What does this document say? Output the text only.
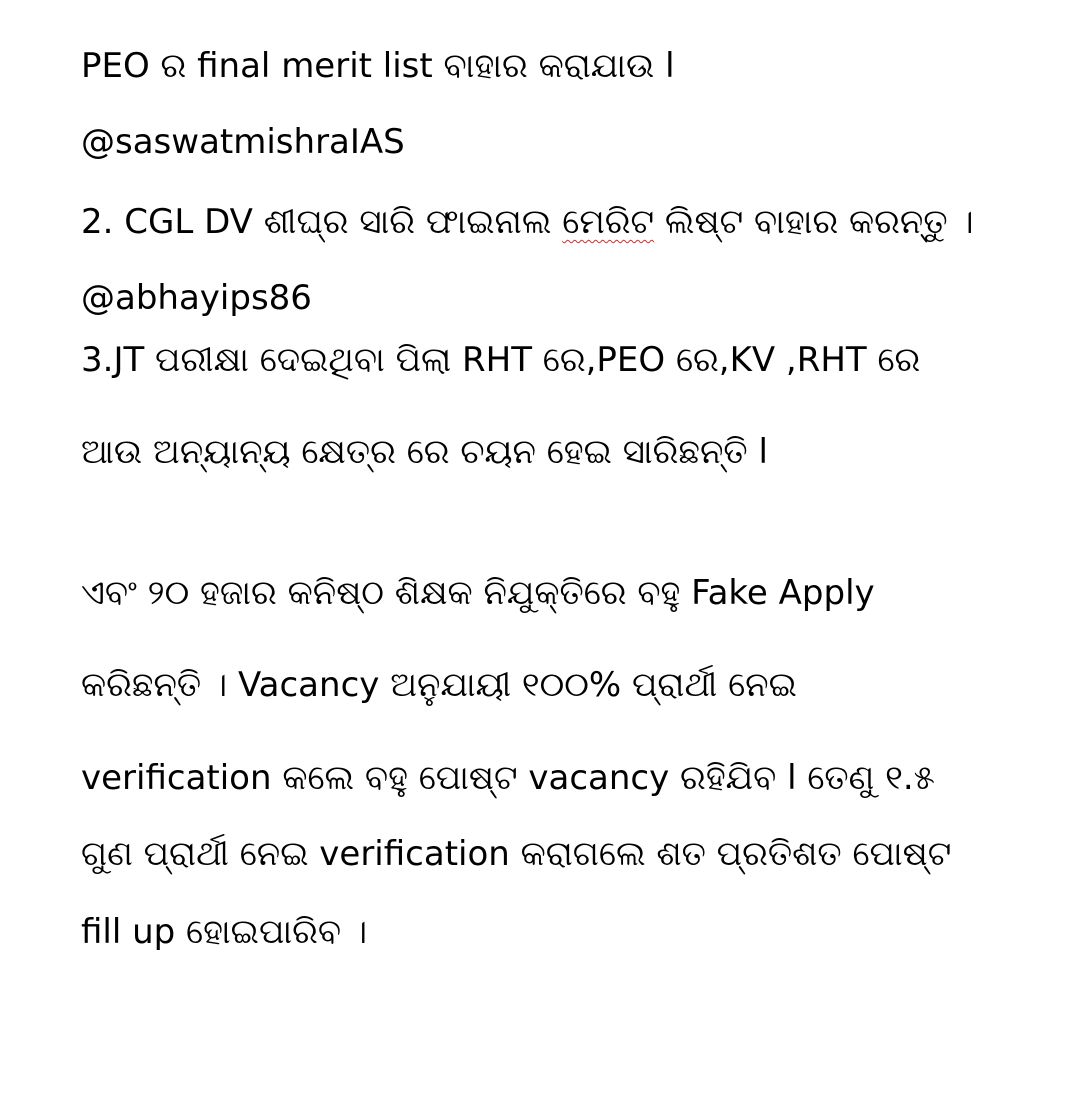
PEO ର final merit list ବାହାର କରାଯାଉ l
@saswatmishraIAS
2. CGL DV ଶୀଘ୍ର ସାରି ଫାଇନାଲ ମେରିଟ ଲିଷ୍ଟ ବାହାର କରନ୍ତୁ ।
@abhayips86
3.JT ପରୀକ୍ଷା ଦେଇଥିବା ପିଲା RHT ରେ,PEO ରେ,KV ,RHT ରେ
ଆଉ ଅନ୍ୟାନ୍ୟ କ୍ଷେତ୍ର ରେ ଚୟନ ହେଇ ସାରିଛନ୍ତି l
ଏବଂ ୨୦ ହଜାର କନିଷ୍ଠ ଶିକ୍ଷକ ନିଯୁକ୍ତିରେ ବହୁ Fake Apply
କରିଛନ୍ତି । Vacancy ଅନୁଯାୟୀ ୧୦୦% ପ୍ରାର୍ଥୀ ନେଇ
verification କଲେ ବହୁ ପୋଷ୍ଟ vacancy ରହିଯିବ l ତେଣୁ ୧.୫
ଗୁଣ ପ୍ରାର୍ଥୀ ନେଇ verification କରାଗଲେ ଶତ ପ୍ରତିଶତ ପୋଷ୍ଟ
fill up ହୋଇପାରିବ ।
